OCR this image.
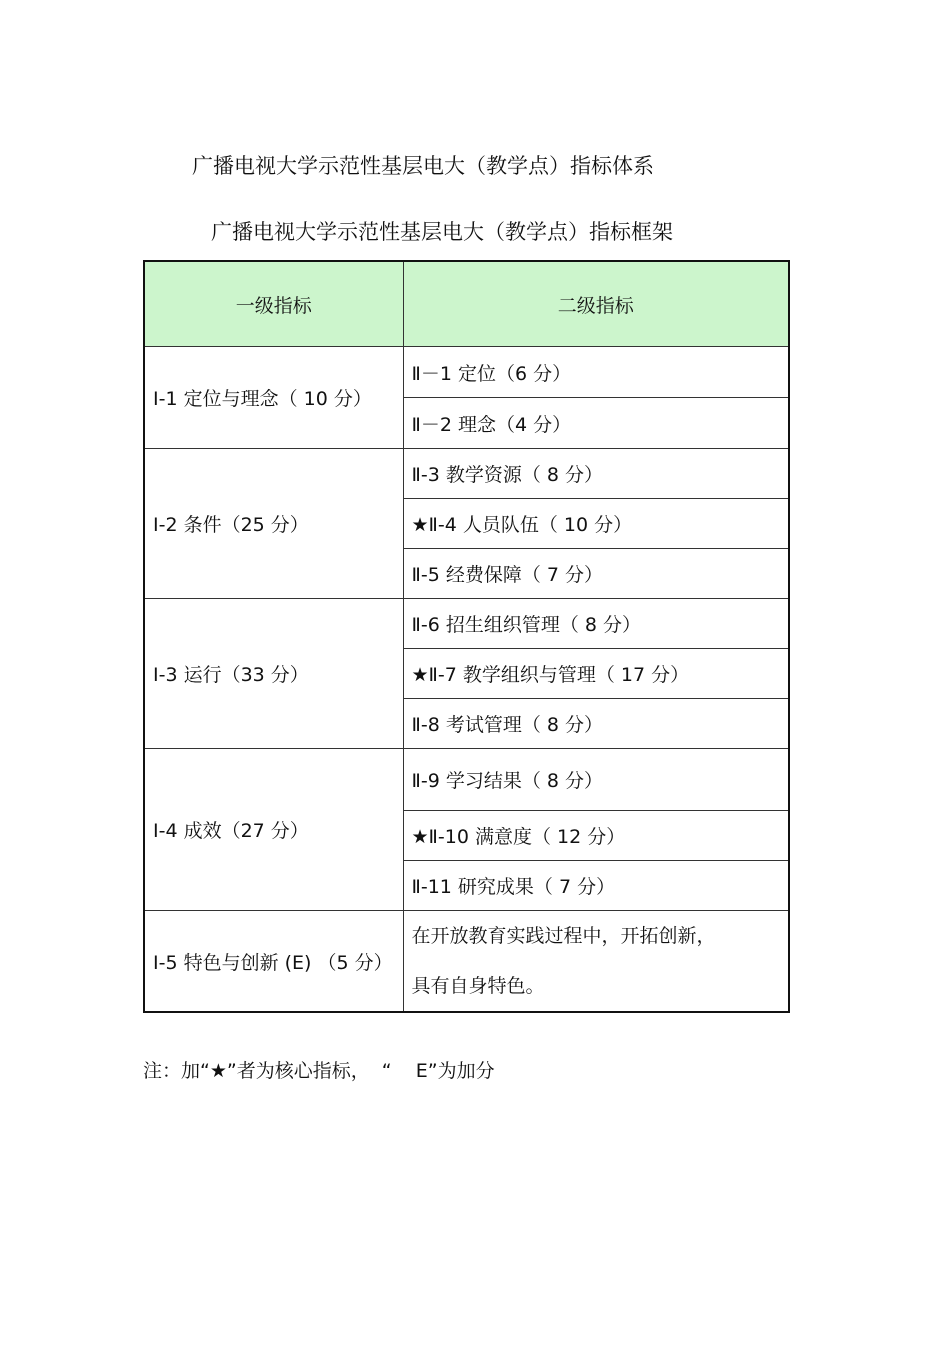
广播电视大学示范性基层电大（教学点）指标体系
广播电视大学示范性基层电大（教学点）指标框架
一级指标	二级指标
I-1 定位与理念（ 10 分）	Ⅱ－1 定位（6 分）
	Ⅱ－2 理念（4 分）
I-2 条件（25 分）	Ⅱ-3 教学资源（ 8 分）
	★Ⅱ-4 人员队伍（ 10 分）
	Ⅱ-5 经费保障（ 7 分）
I-3 运行（33 分）	Ⅱ-6 招生组织管理（ 8 分）
	★Ⅱ-7 教学组织与管理（ 17 分）
	Ⅱ-8 考试管理（ 8 分）
I-4 成效（27 分）	Ⅱ-9 学习结果（ 8 分）
	★Ⅱ-10 满意度（ 12 分）
	Ⅱ-11 研究成果（ 7 分）
I-5 特色与创新 (E) （5 分）	在开放教育实践过程中，开拓创新，
具有自身特色。
注：加“★”者为核心指标，  “    E”为加分
